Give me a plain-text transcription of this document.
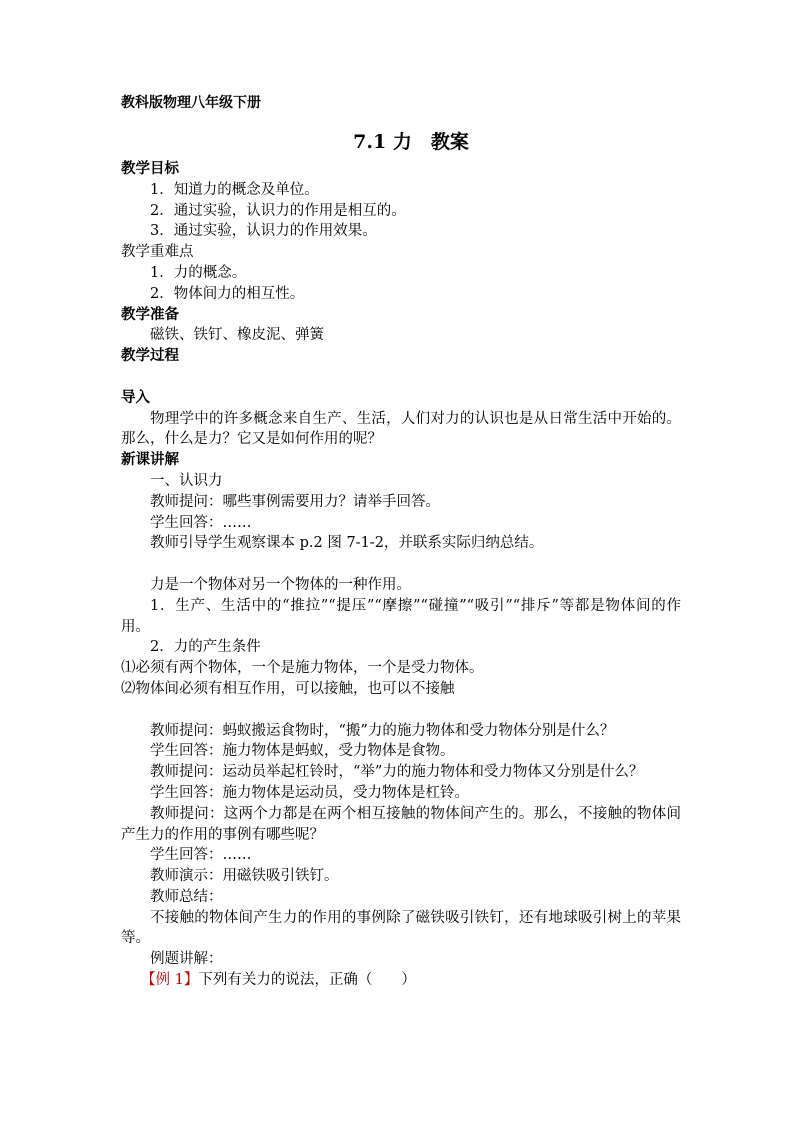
教科版物理八年级下册
7.1 力　教案
教学目标
1．知道力的概念及单位。
2．通过实验，认识力的作用是相互的。
3．通过实验，认识力的作用效果。
教学重难点
1．力的概念。
2．物体间力的相互性。
教学准备
磁铁、铁钉、橡皮泥、弹簧
教学过程
导入
物理学中的许多概念来自生产、生活，人们对力的认识也是从日常生活中开始的。那么，什么是力？它又是如何作用的呢？
新课讲解
一、认识力
教师提问：哪些事例需要用力？请举手回答。
学生回答：……
教师引导学生观察课本 p.2 图 7-1-2，并联系实际归纳总结。
力是一个物体对另一个物体的一种作用。
1．生产、生活中的“推拉”“提压”“摩擦”“碰撞”“吸引”“排斥”等都是物体间的作用。
2．力的产生条件
⑴必须有两个物体，一个是施力物体，一个是受力物体。
⑵物体间必须有相互作用，可以接触，也可以不接触
教师提问：蚂蚁搬运食物时，“搬”力的施力物体和受力物体分别是什么？
学生回答：施力物体是蚂蚁，受力物体是食物。
教师提问：运动员举起杠铃时，“举”力的施力物体和受力物体又分别是什么？
学生回答：施力物体是运动员，受力物体是杠铃。
教师提问：这两个力都是在两个相互接触的物体间产生的。那么，不接触的物体间产生力的作用的事例有哪些呢？
学生回答：……
教师演示：用磁铁吸引铁钉。
教师总结：
不接触的物体间产生力的作用的事例除了磁铁吸引铁钉，还有地球吸引树上的苹果等。
例题讲解：
【例 1】下列有关力的说法，正确（　　）
